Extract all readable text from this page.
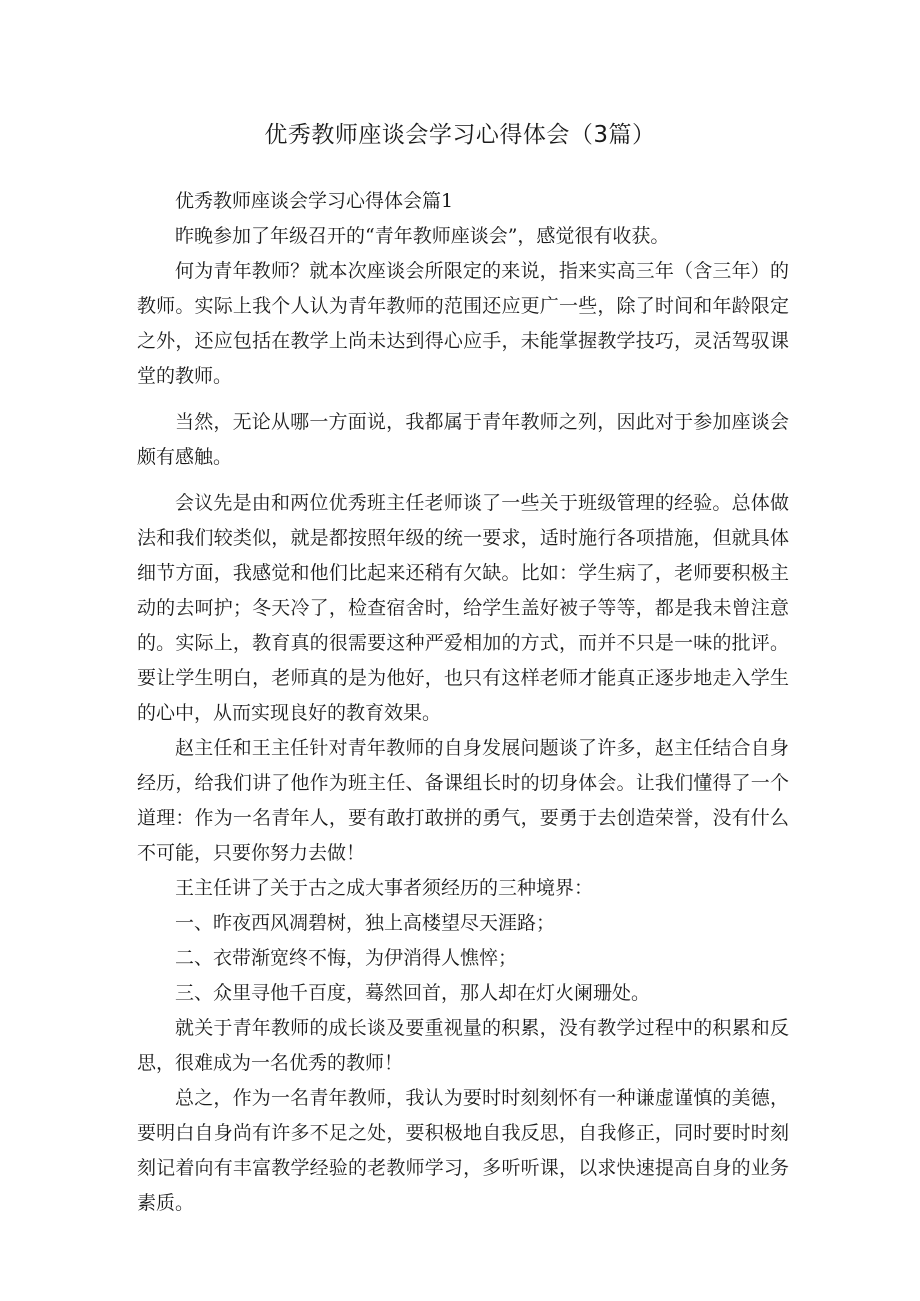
优秀教师座谈会学习心得体会（3篇）

优秀教师座谈会学习心得体会篇1

昨晚参加了年级召开的“青年教师座谈会”，感觉很有收获。

何为青年教师？就本次座谈会所限定的来说，指来实高三年（含三年）的教师。实际上我个人认为青年教师的范围还应更广一些，除了时间和年龄限定之外，还应包括在教学上尚未达到得心应手，未能掌握教学技巧，灵活驾驭课堂的教师。

当然，无论从哪一方面说，我都属于青年教师之列，因此对于参加座谈会颇有感触。

会议先是由和两位优秀班主任老师谈了一些关于班级管理的经验。总体做法和我们较类似，就是都按照年级的统一要求，适时施行各项措施，但就具体细节方面，我感觉和他们比起来还稍有欠缺。比如：学生病了，老师要积极主动的去呵护；冬天冷了，检查宿舍时，给学生盖好被子等等，都是我未曾注意的。实际上，教育真的很需要这种严爱相加的方式，而并不只是一味的批评。要让学生明白，老师真的是为他好，也只有这样老师才能真正逐步地走入学生的心中，从而实现良好的教育效果。

赵主任和王主任针对青年教师的自身发展问题谈了许多，赵主任结合自身经历，给我们讲了他作为班主任、备课组长时的切身体会。让我们懂得了一个道理：作为一名青年人，要有敢打敢拼的勇气，要勇于去创造荣誉，没有什么不可能，只要你努力去做！

王主任讲了关于古之成大事者须经历的三种境界：

一、昨夜西风凋碧树，独上高楼望尽天涯路；

二、衣带渐宽终不悔，为伊消得人憔悴；

三、众里寻他千百度，蓦然回首，那人却在灯火阑珊处。

就关于青年教师的成长谈及要重视量的积累，没有教学过程中的积累和反思，很难成为一名优秀的教师！

总之，作为一名青年教师，我认为要时时刻刻怀有一种谦虚谨慎的美德，要明白自身尚有许多不足之处，要积极地自我反思，自我修正，同时要时时刻刻记着向有丰富教学经验的老教师学习，多听听课，以求快速提高自身的业务素质。
